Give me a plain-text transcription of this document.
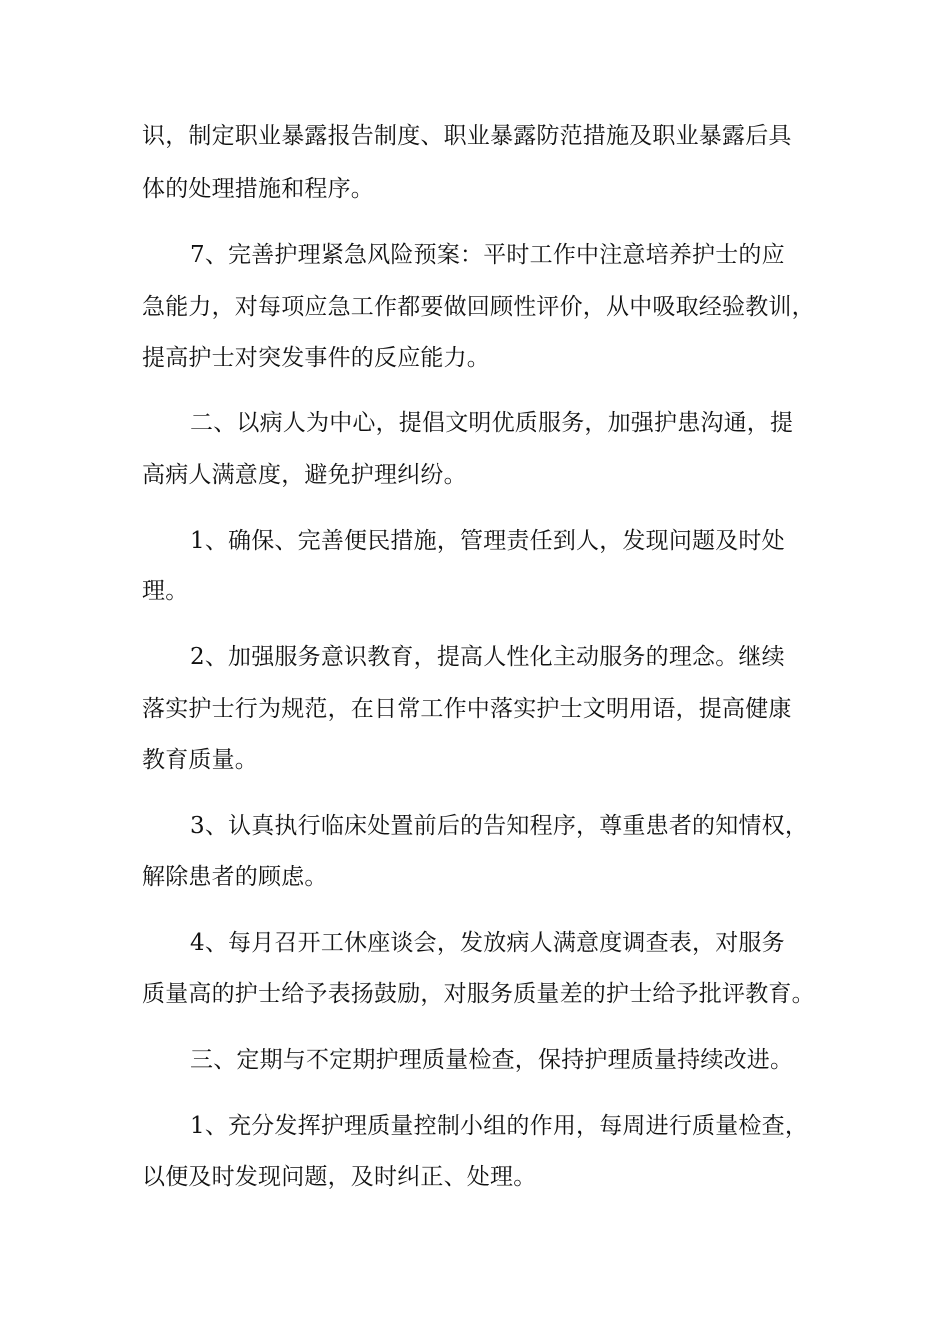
识，制定职业暴露报告制度、职业暴露防范措施及职业暴露后具
体的处理措施和程序。
7、完善护理紧急风险预案：平时工作中注意培养护士的应
急能力，对每项应急工作都要做回顾性评价，从中吸取经验教训，
提高护士对突发事件的反应能力。
二、以病人为中心，提倡文明优质服务，加强护患沟通，提
高病人满意度，避免护理纠纷。
1、确保、完善便民措施，管理责任到人，发现问题及时处
理。
2、加强服务意识教育，提高人性化主动服务的理念。继续
落实护士行为规范，在日常工作中落实护士文明用语，提高健康
教育质量。
3、认真执行临床处置前后的告知程序，尊重患者的知情权，
解除患者的顾虑。
4、每月召开工休座谈会，发放病人满意度调查表，对服务
质量高的护士给予表扬鼓励，对服务质量差的护士给予批评教育。
三、定期与不定期护理质量检查，保持护理质量持续改进。
1、充分发挥护理质量控制小组的作用，每周进行质量检查，
以便及时发现问题，及时纠正、处理。
